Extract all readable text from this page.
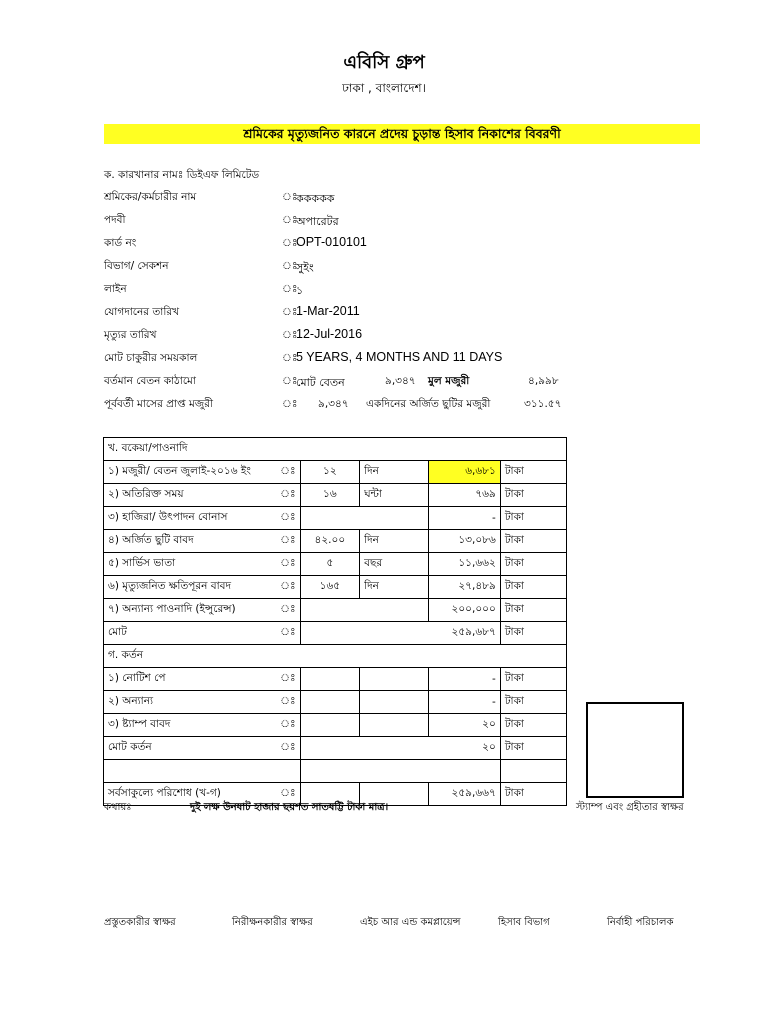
এবিসি গ্রুপ
ঢাকা , বাংলাদেশ।
শ্রমিকের মৃত্যুজনিত কারনে প্রদেয় চুড়ান্ত হিসাব নিকাশের বিবরণী
ক. কারখানার নামঃ ডিইএফ লিমিটেড
শ্রমিকের/কর্মচারীর নাম	ঃ
ককককক
পদবী	ঃ
অপারেটর
কার্ড নং	ঃ
OPT-010101
বিভাগ/ সেকশন	ঃ
সুইং
লাইন	ঃ
১
যোগদানের তারিখ	ঃ
1-Mar-2011
মৃত্যুর তারিখ	ঃ
12-Jul-2016
মোট চাকুরীর সময়কাল	ঃ
5 YEARS, 4 MONTHS AND 11 DAYS
বর্তমান বেতন কাঠামো	ঃ
মোট বেতন	৯,৩৪৭ মুল মজুরী	৪,৯৯৮
পূর্ববর্তী মাসের প্রাপ্ত মজুরী	ঃ ৯,৩৪৭ একদিনের অর্জিত ছুটির মজুরী	৩১১.৫৭
খ. বকেয়া/পাওনাদি					
১) মজুরী/ বেতন জুলাই-২০১৬ ইং	ঃ	১২	দিন	৬,৬৮১	টাকা
২) অতিরিক্ত সময়	ঃ	১৬	ঘন্টা	৭৬৯	টাকা
৩) হাজিরা/ উৎপাদন বোনাস	ঃ			-	টাকা
৪) অর্জিত ছুটি বাবদ	ঃ	৪২.০০	দিন	১৩,০৮৬	টাকা
৫) সার্ভিস ভাতা	ঃ	৫	বছর	১১,৬৬২	টাকা
৬) মৃত্যুজনিত ক্ষতিপূরন বাবদ	ঃ	১৬৫	দিন	২৭,৪৮৯	টাকা
৭) অন্যান্য পাওনাদি (ইন্সুরেন্স)	ঃ			২০০,০০০	টাকা
মোট	ঃ	২৫৯,৬৮৭			টাকা
গ. কর্তন					
১) নোটিশ পে	ঃ			-	টাকা
২) অন্যান্য	ঃ			-	টাকা
৩) ষ্ট্যাম্প বাবদ	ঃ			২০	টাকা
মোট কর্তন	ঃ	২০			টাকা

সর্বসাকুল্যে পরিশোধ (খ-গ)	ঃ			২৫৯,৬৬৭	টাকা
কথায়ঃ	দুই লক্ষ উনষাট হাজার ছয়শত সাতষট্টি টাকা মাত্র।	স্ট্যাম্প এবং গ্রহীতার স্বাক্ষর
প্রস্তুতকারীর স্বাক্ষর	নিরীক্ষনকারীর স্বাক্ষর	এইচ আর এন্ড কমপ্লায়েন্স	হিসাব বিভাগ	নির্বাহী পরিচালক
